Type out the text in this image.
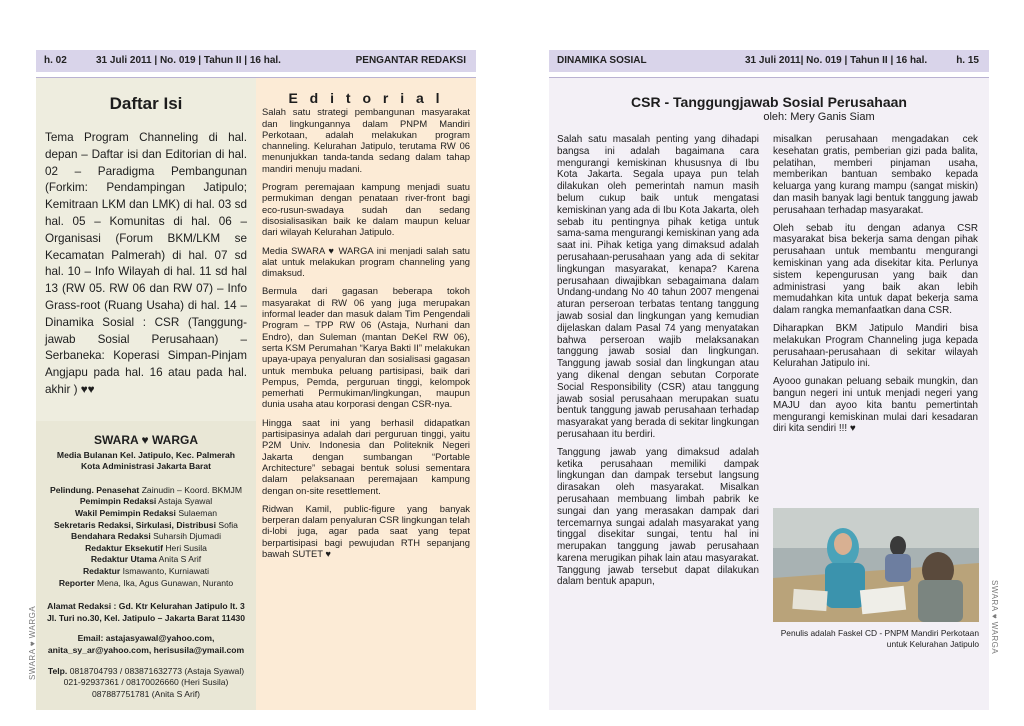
h. 02	31 Juli 2011 | No. 019 | Tahun II | 16 hal.	PENGANTAR REDAKSI
Daftar Isi

Tema Program Channeling di hal. depan – Daftar isi dan Editorian di hal. 02 – Paradigma Pembangunan (Forkim: Pendampingan Jatipulo; Kemitraan LKM dan LMK) di hal. 03 sd hal. 05 – Komunitas di hal. 06 – Organisasi (Forum BKM/LKM se Kecamatan Palmerah) di hal. 07 sd hal. 10 – Info Wilayah di hal. 11 sd hal 13 (RW 05. RW 06 dan RW 07) – Info Grass-root (Ruang Usaha) di hal. 14 – Dinamika Sosial : CSR (Tanggung-jawab Sosial Perusahaan) – Serbaneka: Koperasi Simpan-Pinjam Angjapu pada hal. 16 atau pada hal. akhir ) ♥♥

SWARA ♥ WARGA
Media Bulanan Kel. Jatipulo, Kec. Palmerah
Kota Administrasi Jakarta Barat
Pelindung. Penasehat Zainudin – Koord. BKMJM
Pemimpin Redaksi Astaja Syawal
Wakil Pemimpin Redaksi Sulaeman
Sekretaris Redaksi, Sirkulasi, Distribusi Sofia
Bendahara Redaksi Suharsih Djumadi
Redaktur Eksekutif Heri Susila
Redaktur Utama Anita S Arif
Redaktur Ismawanto, Kurniawati
Reporter Mena, Ika, Agus Gunawan, Nuranto
Alamat Redaksi : Gd. Ktr Kelurahan Jatipulo lt. 3
Jl. Turi no.30, Kel. Jatipulo – Jakarta Barat 11430
Email: astajasyawal@yahoo.com,
anita_sy_ar@yahoo.com, herisusila@ymail.com
Telp. 0818704793 / 083871632773 (Astaja Syawal)
021-92937361 / 08170026660 (Heri Susila)
087887751781 (Anita S Arif)
E d i t o r i a l

Salah satu strategi pembangunan masyarakat dan lingkungannya dalam PNPM Mandiri Perkotaan, adalah melakukan program channeling. Kelurahan Jatipulo, terutama RW 06 menunjukkan tanda-tanda sedang dalam tahap mandiri menuju madani.

Program peremajaan kampung menjadi suatu permukiman dengan penataan river-front bagi eco-rusun-swadaya sudah dan sedang disosialisasikan baik ke dalam maupun keluar dari wilayah Kelurahan Jatipulo.

Media SWARA ♥ WARGA ini menjadi salah satu alat untuk melakukan program channeling yang dimaksud.

Bermula dari gagasan beberapa tokoh masyarakat di RW 06 yang juga merupakan informal leader dan masuk dalam Tim Pengendali Program – TPP RW 06 (Astaja, Nurhani dan Endro), dan Suleman (mantan DeKel RW 06), serta KSM Perumahan “Karya Bakti II” melakukan upaya-upaya penyaluran dan sosialisasi gagasan untuk membuka peluang partisipasi, baik dari Pempus, Pemda, perguruan tinggi, kelompok pemerhati Permukiman/lingkungan, maupun dunia usaha atau korporasi dengan CSR-nya.

Hingga saat ini yang berhasil didapatkan partisipasinya adalah dari perguruan tinggi, yaitu P2M Univ. Indonesia dan Politeknik Negeri Jakarta dengan sumbangan “Portable Architecture” sebagai bentuk solusi sementara dalam pelaksanaan peremajaan kampung dengan on-site resettlement.

Ridwan Kamil, public-figure yang banyak berperan dalam penyaluran CSR lingkungan telah di-lobi juga, agar pada saat yang tepat berpartisipasi bagi pewujudan RTH sepanjang bawah SUTET ♥

SWARA ♥ WARGA
DINAMIKA SOSIAL	31 Juli 2011| No. 019 | Tahun II | 16 hal.	h. 15
CSR - Tanggungjawab Sosial Perusahaan
oleh: Mery Ganis Siam

Salah satu masalah penting yang dihadapi bangsa ini adalah bagaimana cara mengurangi kemiskinan khususnya di Ibu Kota Jakarta. Segala upaya pun telah dilakukan oleh pemerintah namun masih belum cukup baik untuk mengatasi kemiskinan yang ada di Ibu Kota Jakarta, oleh sebab itu pentingnya pihak ketiga untuk sama-sama mengurangi kemiskinan yang ada saat ini. Pihak ketiga yang dimaksud adalah perusahaan-perusahaan yang ada di sekitar lingkungan masyarakat, kenapa? Karena perusahaan diwajibkan sebagaimana dalam Undang-undang No 40 tahun 2007 mengenai aturan perseroan terbatas tentang tanggung jawab sosial dan lingkungan yang kemudian dijelaskan dalam Pasal 74 yang menyatakan bahwa perseroan wajib melaksanakan tanggung jawab sosial dan lingkungan. Tanggung jawab sosial dan lingkungan atau yang dikenal dengan sebutan Corporate Social Responsibility (CSR) atau tanggung jawab sosial perusahaan merupakan suatu bentuk tanggung jawab perusahaan terhadap masyarakat yang berada di sekitar lingkungan perusahaan itu berdiri.

Tanggung jawab yang dimaksud adalah ketika perusahaan memiliki dampak lingkungan dan dampak tersebut langsung dirasakan oleh masyarakat. Misalkan perusahaan membuang limbah pabrik ke sungai dan yang merasakan dampak dari tercemarnya sungai adalah masyarakat yang tinggal disekitar sungai, tentu hal ini merupakan tanggung jawab perusahaan karena merugikan pihak lain atau masyarakat. Tanggung jawab tersebut dapat dilakukan dalam bentuk apapun,

misalkan perusahaan mengadakan cek kesehatan gratis, pemberian gizi pada balita, pelatihan, memberi pinjaman usaha, memberikan bantuan sembako kepada keluarga yang kurang mampu (sangat miskin) dan masih banyak lagi bentuk tanggung jawab perusahaan terhadap masyarakat.

Oleh sebab itu dengan adanya CSR masyarakat bisa bekerja sama dengan pihak perusahaan untuk membantu mengurangi kemiskinan yang ada disekitar kita. Perlunya sistem kepengurusan yang baik dan administrasi yang baik akan lebih memudahkan kita untuk dapat bekerja sama dalam rangka memanfaatkan dana CSR.

Diharapkan BKM Jatipulo Mandiri bisa melakukan Program Channeling juga kepada perusahaan-perusahaan di sekitar wilayah Kelurahan Jatipulo ini.

Ayooo gunakan peluang sebaik mungkin, dan bangun negeri ini untuk menjadi negeri yang MAJU dan ayoo kita bantu pemertintah mengurangi kemiskinan mulai dari kesadaran diri kita sendiri !!! ♥

Penulis adalah Faskel CD - PNPM Mandiri Perkotaan
untuk Kelurahan Jatipulo SWARA ♥ WARGA
